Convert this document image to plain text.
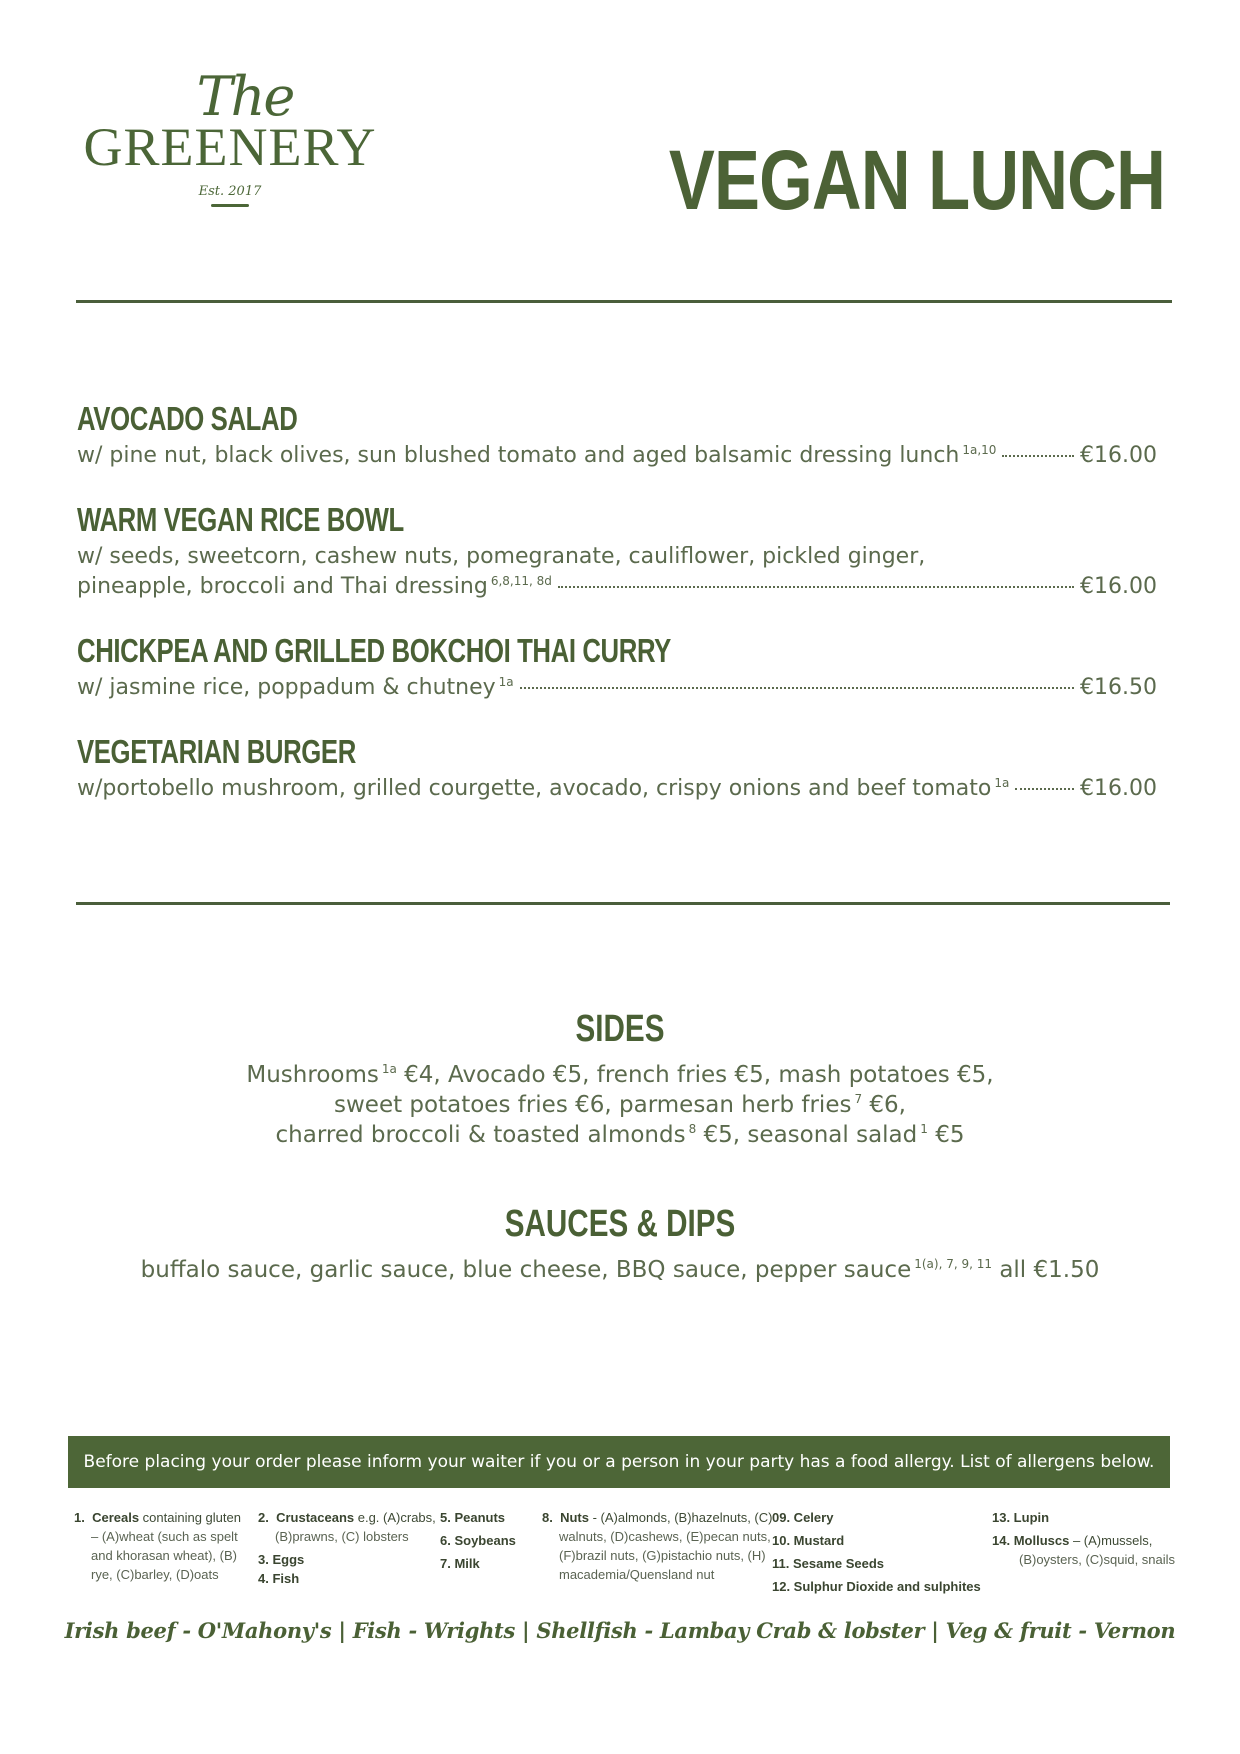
The
GREENERY
Est. 2017	VEGAN LUNCH
AVOCADO SALAD
w/ pine nut, black olives, sun blushed tomato and aged balsamic dressing lunch $^{1a,10}$	€16.00
WARM VEGAN RICE BOWL
w/ seeds, sweetcorn, cashew nuts, pomegranate, cauliflower, pickled ginger,
pineapple, broccoli and Thai dressing $^{6,8,11, 8d}$	€16.00
CHICKPEA AND GRILLED BOKCHOI THAI CURRY
w/ jasmine rice, poppadum & chutney $^{1a}$	€16.50
VEGETARIAN BURGER
w/portobello mushroom, grilled courgette, avocado, crispy onions and beef tomato $^{1a}$	€16.00
SIDES
Mushrooms $^{1a}$ €4, Avocado €5, french fries €5, mash potatoes €5,
sweet potatoes fries €6, parmesan herb fries $^7$ €6,
charred broccoli & toasted almonds $^8$ €5, seasonal salad $^1$ €5
SAUCES & DIPS
buffalo sauce, garlic sauce, blue cheese, BBQ sauce, pepper sauce $^{1(a), 7, 9, 11}$ all €1.50
Before placing your order please inform your waiter if you or a person in your party has a food allergy. List of allergens below.
1. Cereals containing gluten
– (A)wheat (such as spelt
and khorasan wheat), (B)
rye, (C)barley, (D)oats
2. Crustaceans e.g. (A)crabs,
(B)prawns, (C) lobsters
3. Eggs
4. Fish
5. Peanuts
6. Soybeans
7. Milk
8. Nuts - (A)almonds, (B)hazelnuts, (C)
walnuts, (D)cashews, (E)pecan nuts,
(F)brazil nuts, (G)pistachio nuts, (H)
macademia/Quensland nut
09. Celery
10. Mustard
11. Sesame Seeds
12. Sulphur Dioxide and sulphites
13. Lupin
14. Molluscs – (A)mussels,
(B)oysters, (C)squid, snails
Irish beef - O'Mahony's | Fish - Wrights | Shellfish - Lambay Crab & lobster | Veg & fruit - Vernon
